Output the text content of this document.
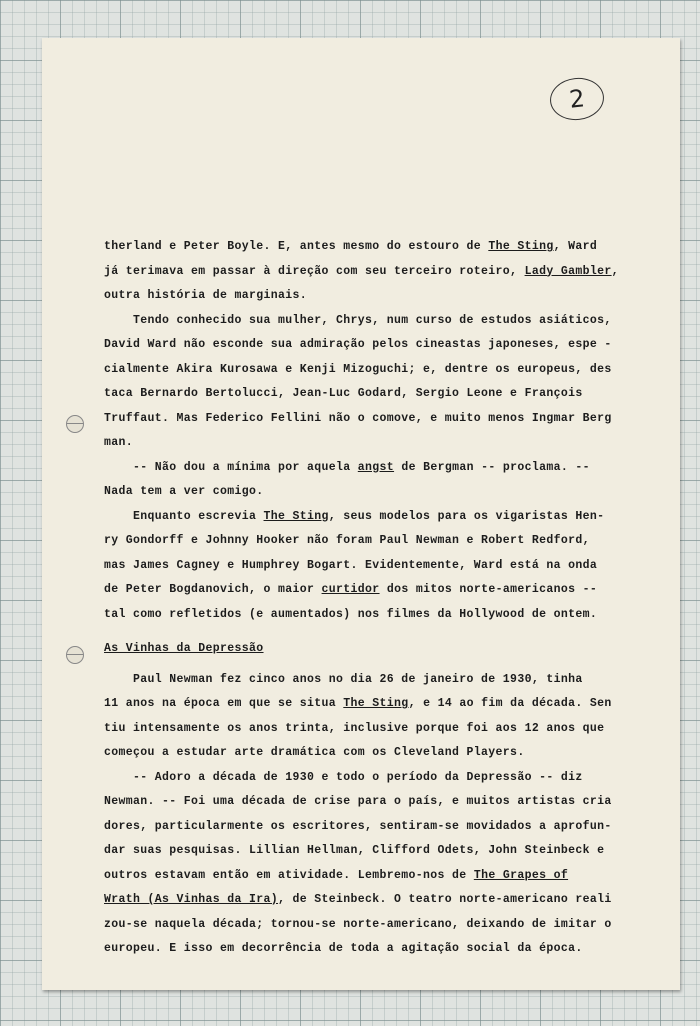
2
therland e Peter Boyle. E, antes mesmo do estouro de The Sting, Ward
já terimava em passar à direção com seu terceiro roteiro, Lady Gambler,
outra história de marginais.
Tendo conhecido sua mulher, Chrys, num curso de estudos asiáticos,
David Ward não esconde sua admiração pelos cineastas japoneses, espe -
cialmente Akira Kurosawa e Kenji Mizoguchi; e, dentre os europeus, des
taca Bernardo Bertolucci, Jean-Luc Godard, Sergio Leone e François
Truffaut. Mas Federico Fellini não o comove, e muito menos Ingmar Berg
man.
-- Não dou a mínima por aquela angst de Bergman -- proclama. --
Nada tem a ver comigo.
Enquanto escrevia The Sting, seus modelos para os vigaristas Hen-
ry Gondorff e Johnny Hooker não foram Paul Newman e Robert Redford,
mas James Cagney e Humphrey Bogart. Evidentemente, Ward está na onda
de Peter Bogdanovich, o maior curtidor dos mitos norte-americanos --
tal como refletidos (e aumentados) nos filmes da Hollywood de ontem.
As Vinhas da Depressão
Paul Newman fez cinco anos no dia 26 de janeiro de 1930, tinha
11 anos na época em que se situa The Sting, e 14 ao fim da década. Sen
tiu intensamente os anos trinta, inclusive porque foi aos 12 anos que
começou a estudar arte dramática com os Cleveland Players.
-- Adoro a década de 1930 e todo o período da Depressão -- diz
Newman. -- Foi uma década de crise para o país, e muitos artistas cria
dores, particularmente os escritores, sentiram-se movidados a aprofun-
dar suas pesquisas. Lillian Hellman, Clifford Odets, John Steinbeck e
outros estavam então em atividade. Lembremo-nos de The Grapes of
Wrath (As Vinhas da Ira), de Steinbeck. O teatro norte-americano reali
zou-se naquela década; tornou-se norte-americano, deixando de imitar o
europeu. E isso em decorrência de toda a agitação social da época.
